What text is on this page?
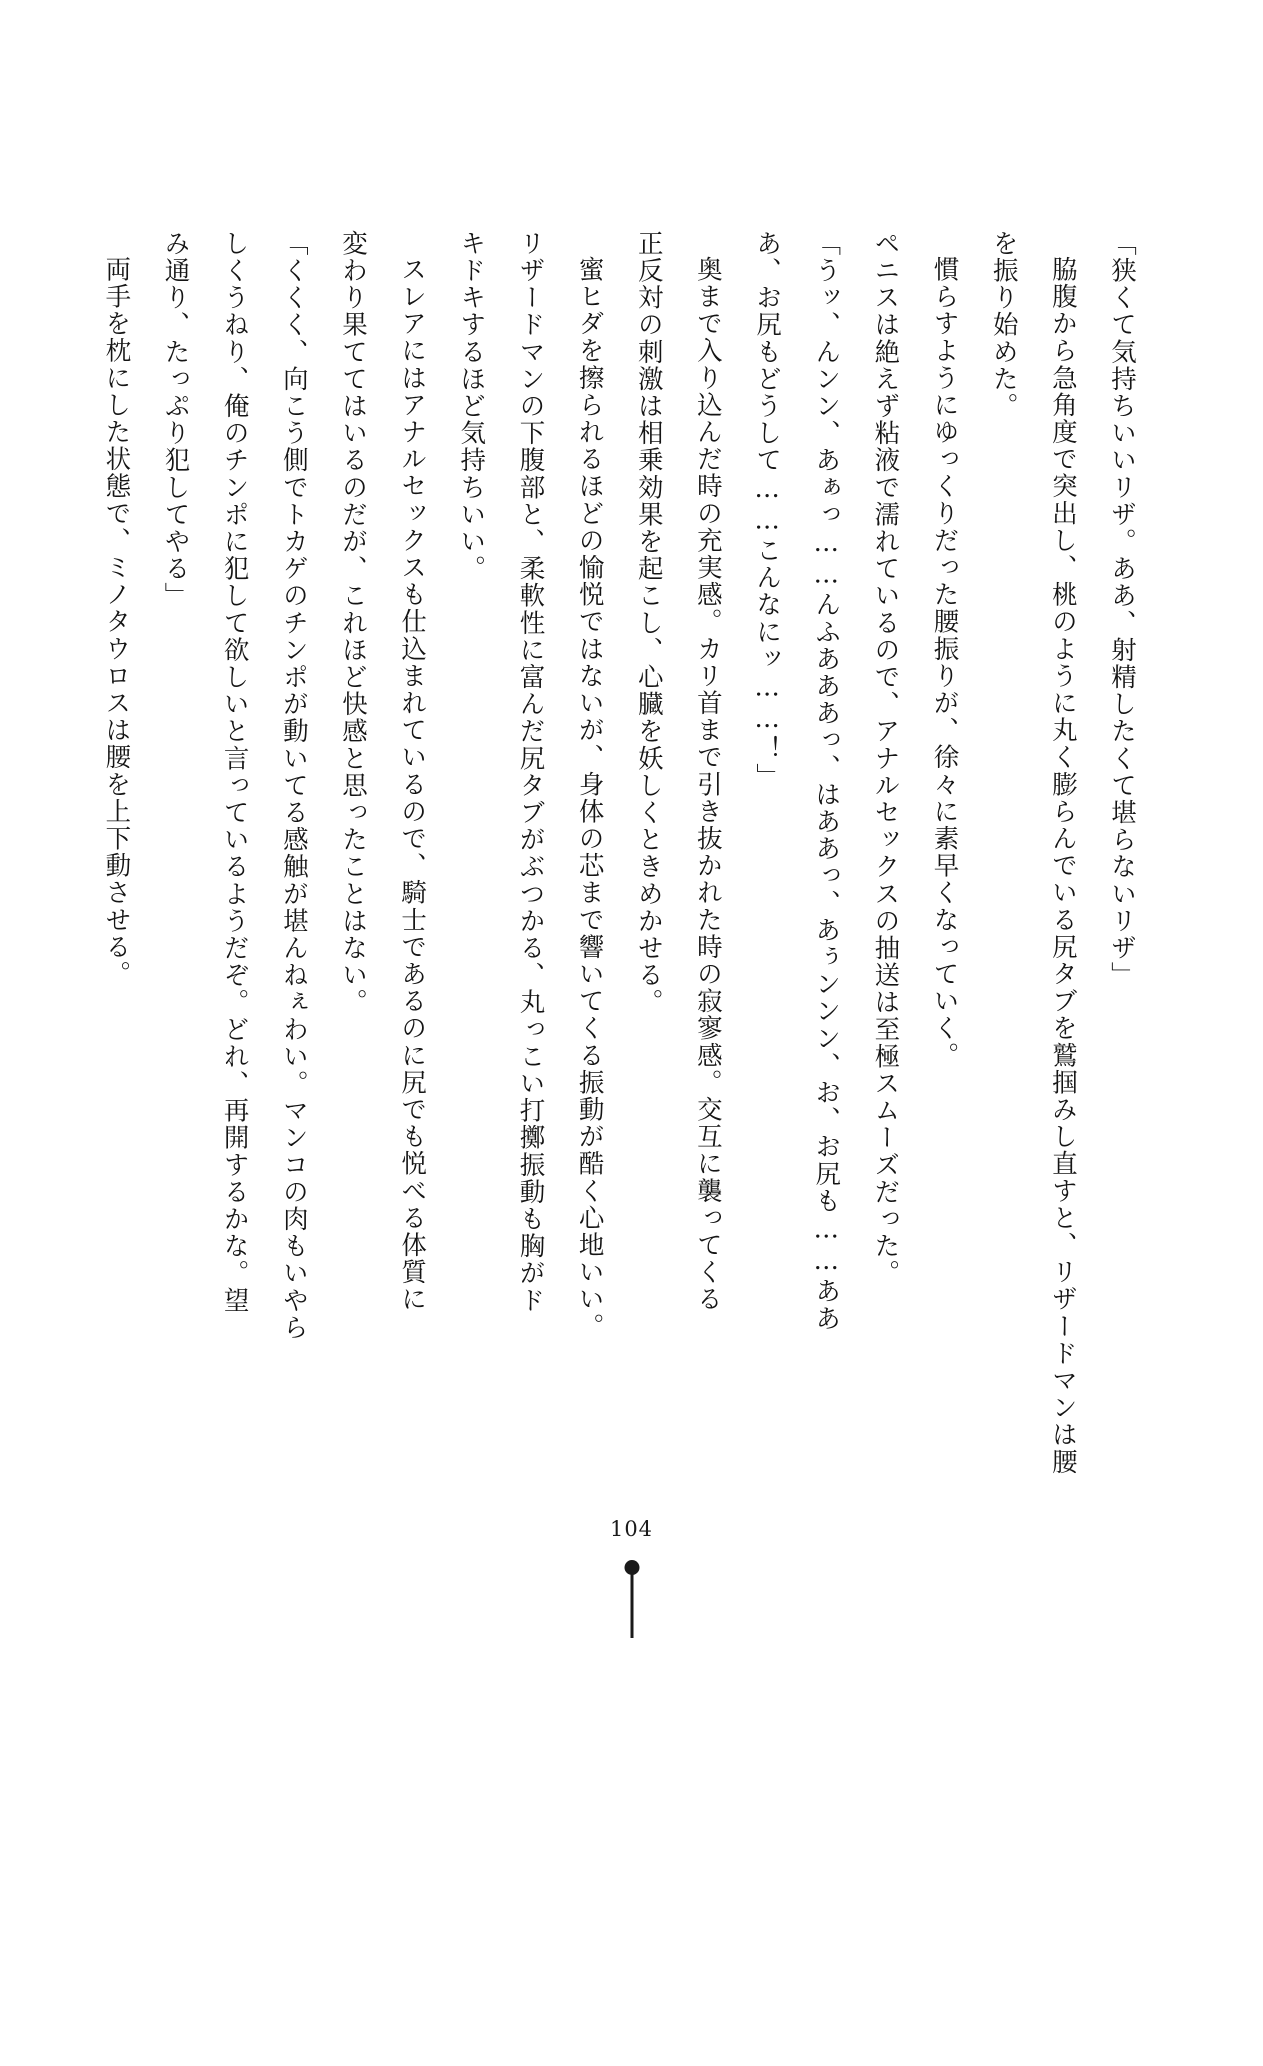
「狭くて気持ちいいリザ。ああ、射精したくて堪らないリザ」

脇腹から急角度で突出し、桃のように丸く膨らんでいる尻タブを鷲掴みし直すと、リザードマンは腰を振り始めた。

慣らすようにゆっくりだった腰振りが、徐々に素早くなっていく。

ペニスは絶えず粘液で濡れているので、アナルセックスの抽送は至極スムーズだった。

「うッ、んンン、あぁっ……んふあああっ、はああっ、あぅンンン、お、お尻も……ああ

あ、お尻もどうして……こんなにッ……！」

奥まで入り込んだ時の充実感。カリ首まで引き抜かれた時の寂寥感。交互に襲ってくる

正反対の刺激は相乗効果を起こし、心臓を妖しくときめかせる。

蜜ヒダを擦られるほどの愉悦ではないが、身体の芯まで響いてくる振動が酷く心地いい。

リザードマンの下腹部と、柔軟性に富んだ尻タブがぶつかる、丸っこい打擲振動も胸がド

キドキするほど気持ちいい。

スレアにはアナルセックスも仕込まれているので、騎士であるのに尻でも悦べる体質に

変わり果ててはいるのだが、これほど快感と思ったことはない。

「くくく、向こう側でトカゲのチンポが動いてる感触が堪んねぇわい。マンコの肉もいやら

しくうねり、俺のチンポに犯して欲しいと言っているようだぞ。どれ、再開するかな。望

み通り、たっぷり犯してやる」

両手を枕にした状態で、ミノタウロスは腰を上下動させる。

104
